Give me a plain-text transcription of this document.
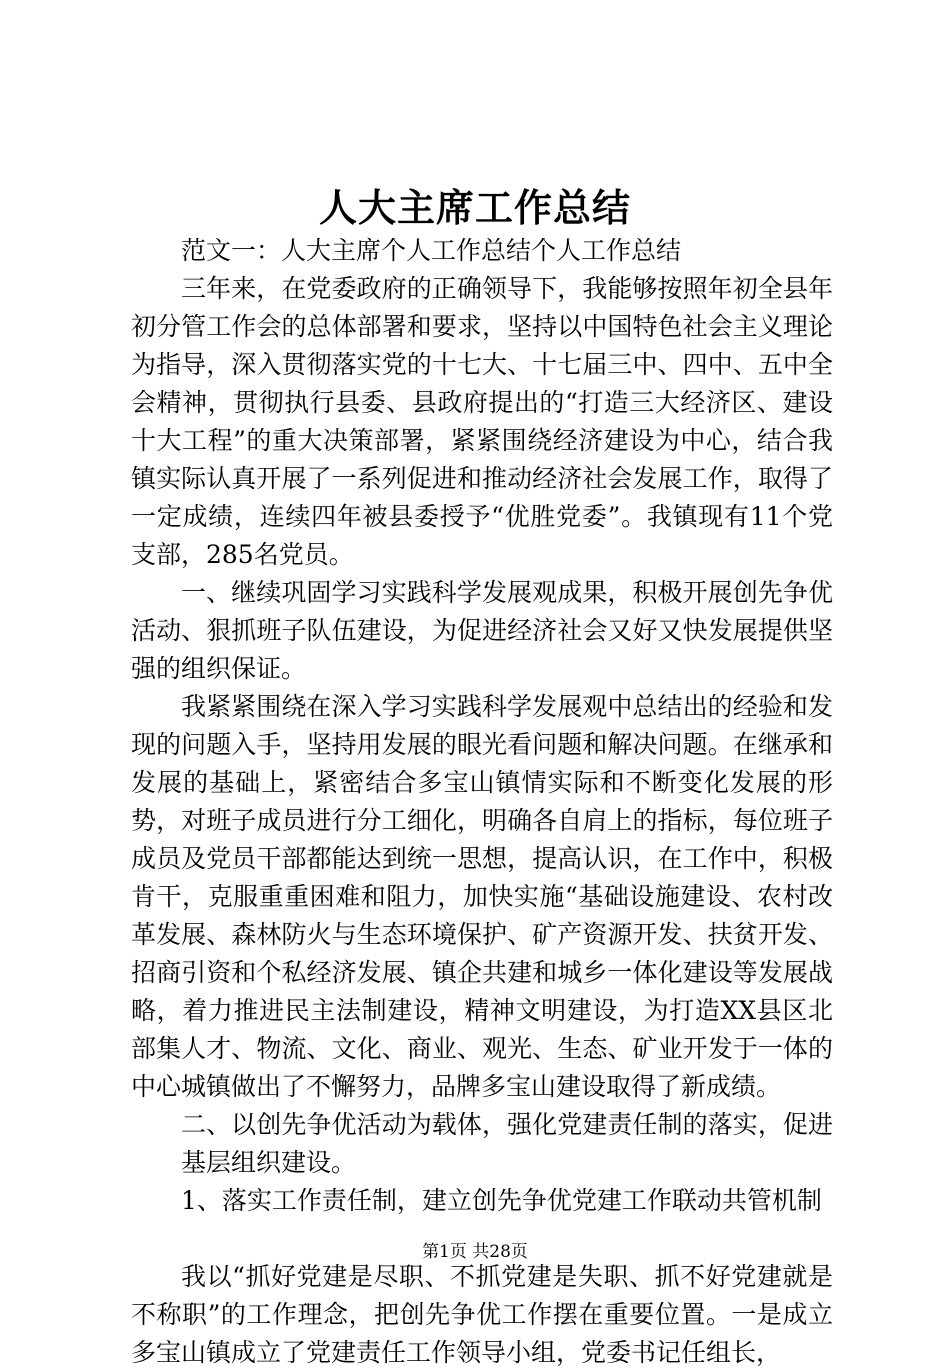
人大主席工作总结

范文一：人大主席个人工作总结个人工作总结

三年来，在党委政府的正确领导下，我能够按照年初全县年初分管工作会的总体部署和要求，坚持以中国特色社会主义理论为指导，深入贯彻落实党的十七大、十七届三中、四中、五中全会精神，贯彻执行县委、县政府提出的“打造三大经济区、建设十大工程”的重大决策部署，紧紧围绕经济建设为中心，结合我镇实际认真开展了一系列促进和推动经济社会发展工作，取得了一定成绩，连续四年被县委授予“优胜党委”。我镇现有11个党支部，285名党员。

一、继续巩固学习实践科学发展观成果，积极开展创先争优活动、狠抓班子队伍建设，为促进经济社会又好又快发展提供坚强的组织保证。

我紧紧围绕在深入学习实践科学发展观中总结出的经验和发现的问题入手，坚持用发展的眼光看问题和解决问题。在继承和发展的基础上，紧密结合多宝山镇情实际和不断变化发展的形势，对班子成员进行分工细化，明确各自肩上的指标，每位班子成员及党员干部都能达到统一思想，提高认识，在工作中，积极肯干，克服重重困难和阻力，加快实施“基础设施建设、农村改革发展、森林防火与生态环境保护、矿产资源开发、扶贫开发、招商引资和个私经济发展、镇企共建和城乡一体化建设等发展战略，着力推进民主法制建设，精神文明建设，为打造XX县区北部集人才、物流、文化、商业、观光、生态、矿业开发于一体的中心城镇做出了不懈努力，品牌多宝山建设取得了新成绩。

二、以创先争优活动为载体，强化党建责任制的落实，促进基层组织建设。

1、落实工作责任制，建立创先争优党建工作联动共管机制

我以“抓好党建是尽职、不抓党建是失职、抓不好党建就是不称职”的工作理念，把创先争优工作摆在重要位置。一是成立多宝山镇成立了党建责任工作领导小组，党委书记任组长，

第1页 共28页
